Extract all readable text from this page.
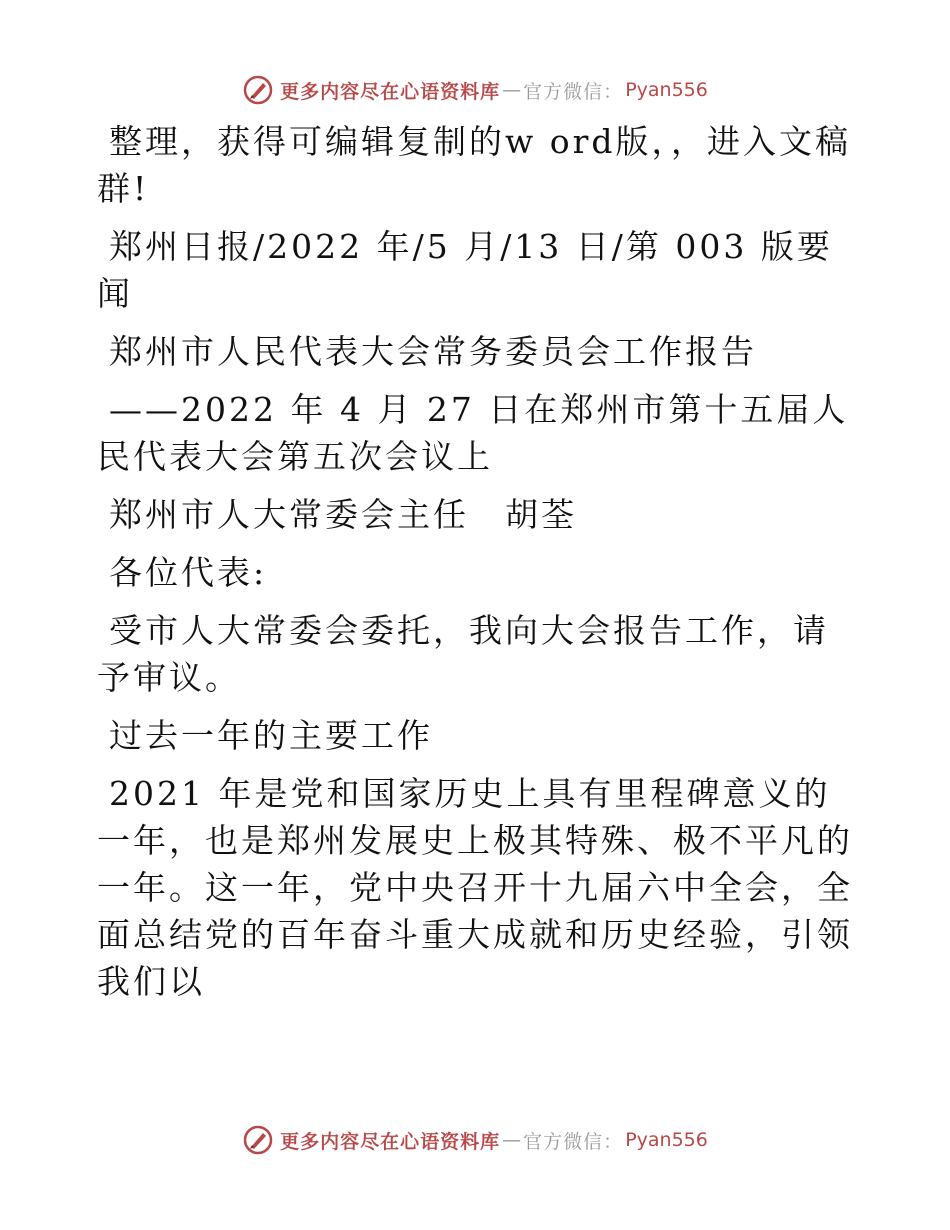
更多内容尽在心语资料库 — 官方微信： Pyan556

整理，获得可编辑复制的w ord版，，进入文稿群!

郑州日报/2022 年/5 月/13 日/第 003 版要闻

郑州市人民代表大会常务委员会工作报告

——2022 年 4 月 27 日在郑州市第十五届人民代表大会第五次会议上

郑州市人大常委会主任　胡荃

各位代表:

受市人大常委会委托，我向大会报告工作，请予审议。

过去一年的主要工作

2021 年是党和国家历史上具有里程碑意义的一年，也是郑州发展史上极其特殊、极不平凡的一年。这一年，党中央召开十九届六中全会，全面总结党的百年奋斗重大成就和历史经验，引领我们以

更多内容尽在心语资料库 — 官方微信： Pyan556
